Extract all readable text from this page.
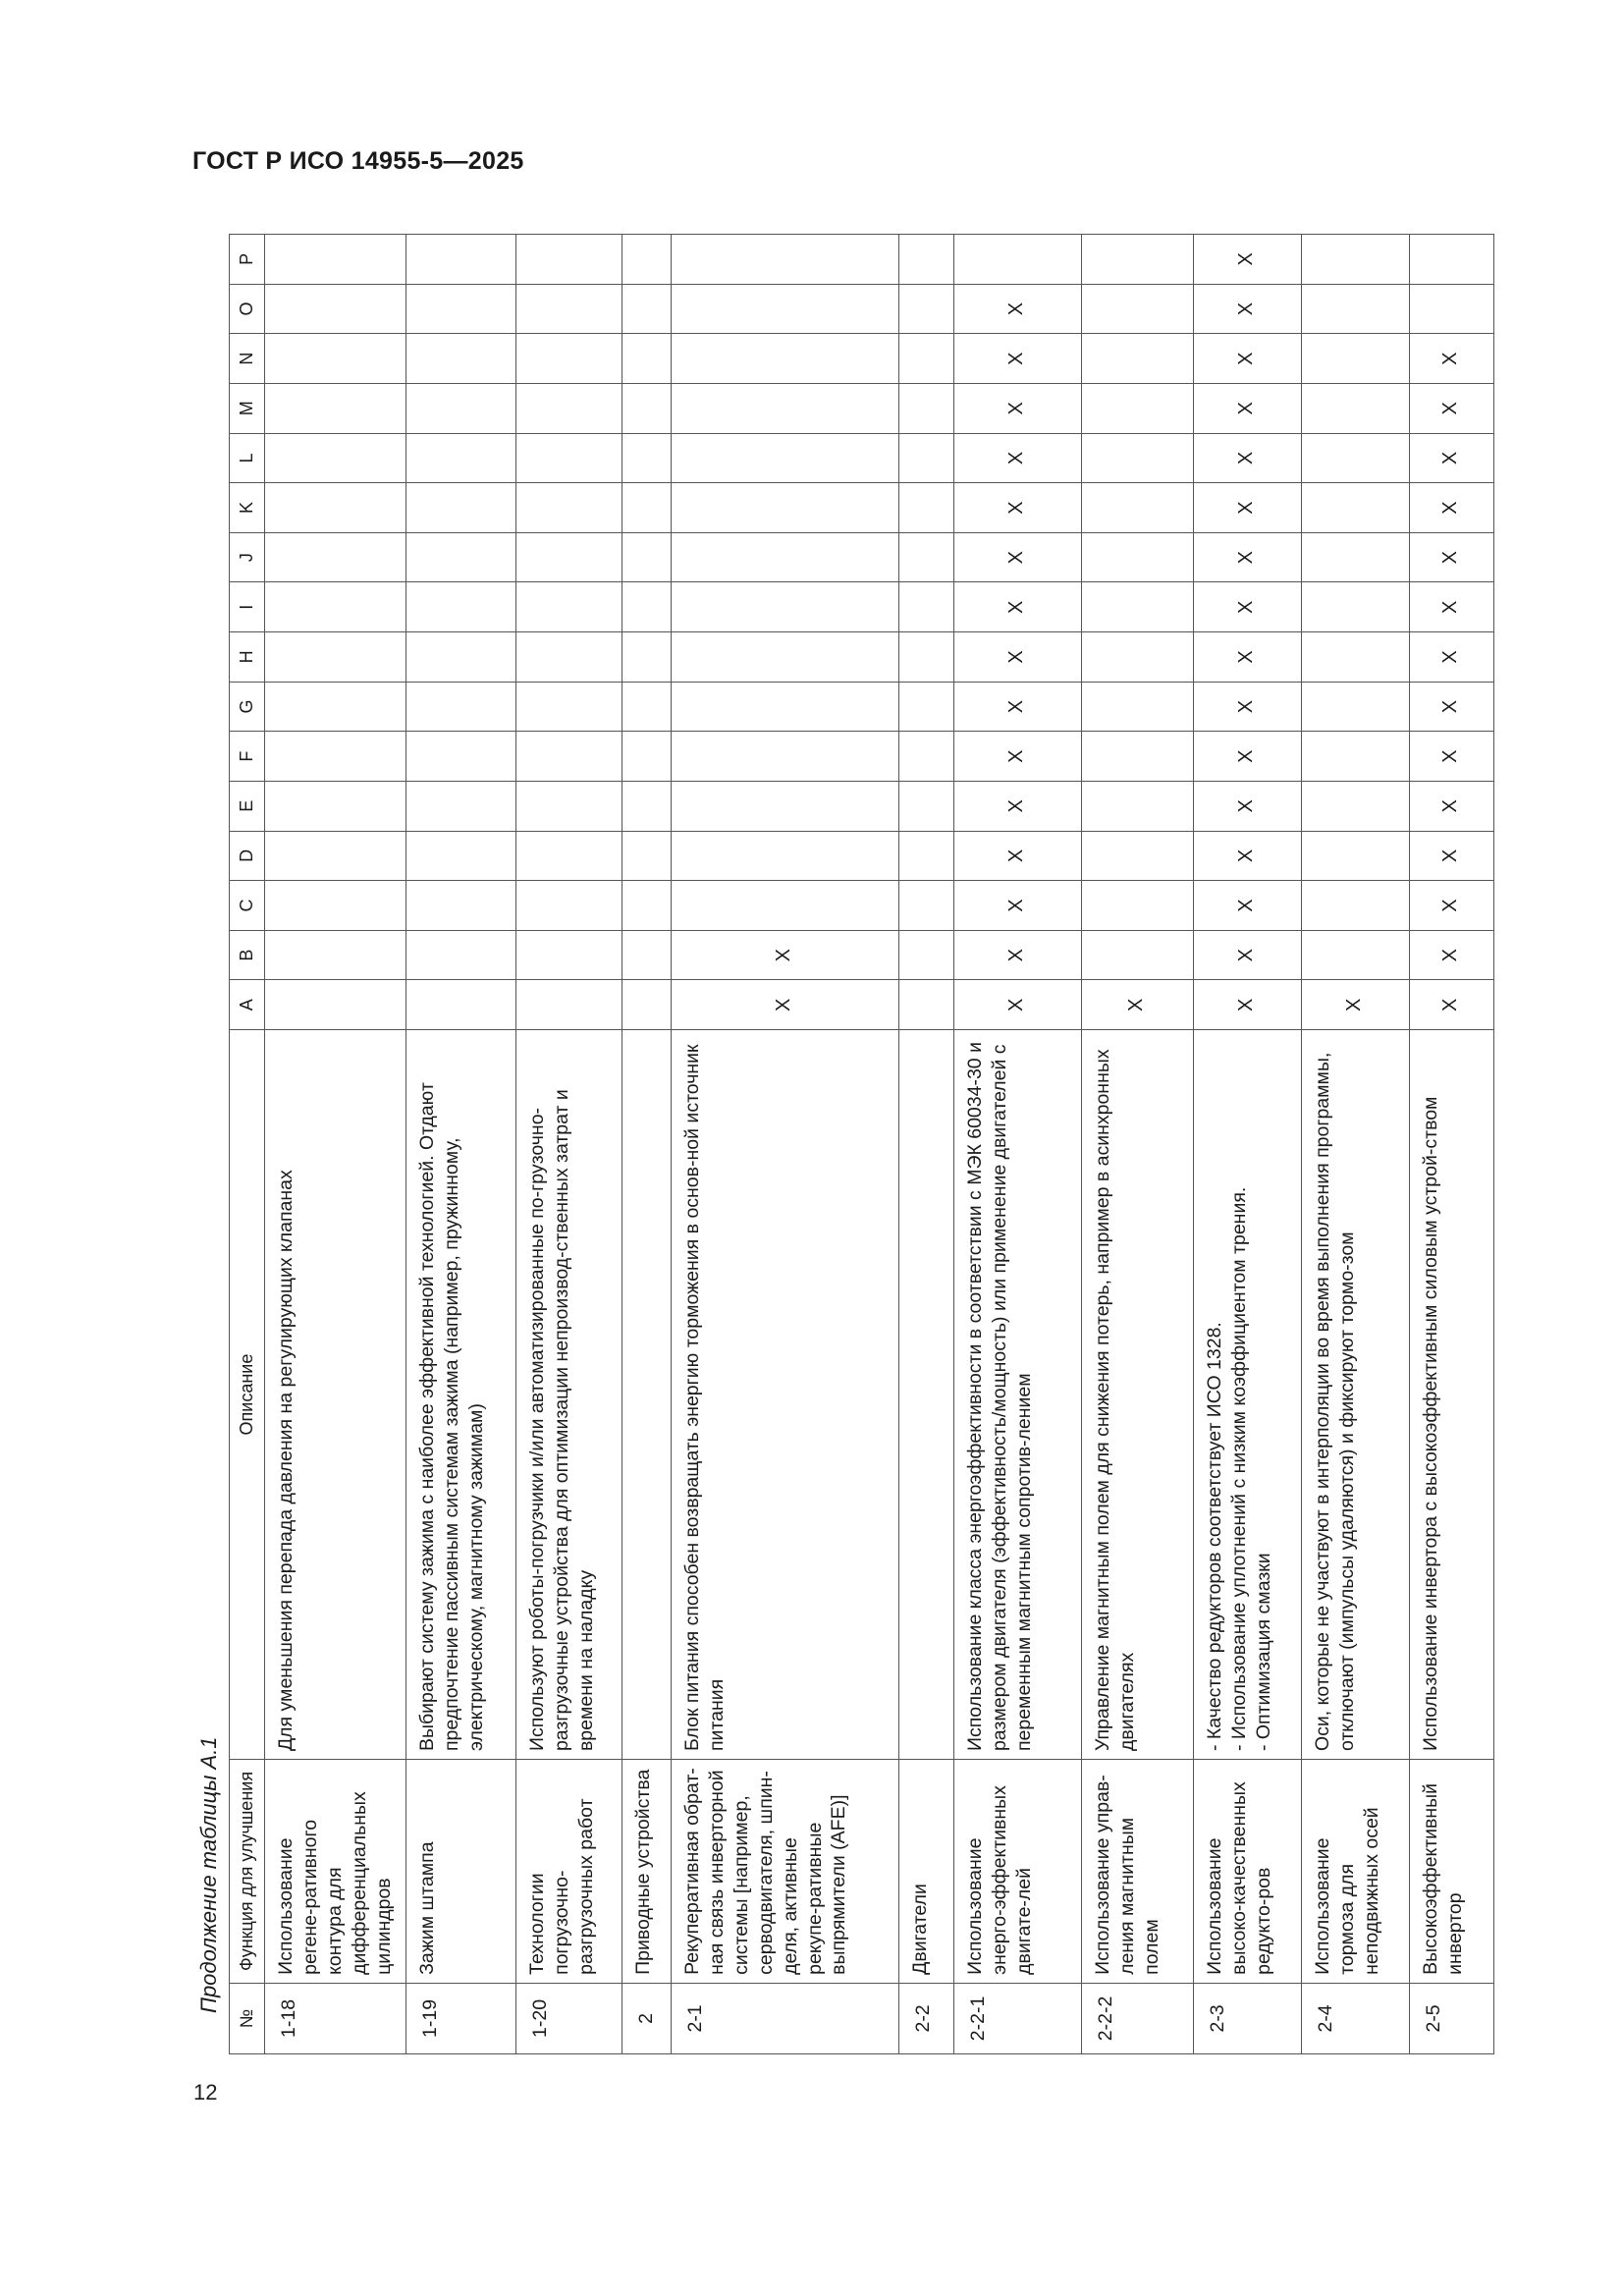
ГОСТ Р ИСО 14955-5—2025
12
Продолжение таблицы А.1
№	Функция для улучшения	Описание	A	B	C	D	E	F	G	H	I	J	K	L	M	N	O	P
1-18	Использование регене-ративного контура для дифференциальных цилиндров	Для уменьшения перепада давления на регулирующих клапанах																
1-19	Зажим штампа	Выбирают систему зажима с наиболее эффективной технологией. Отдают предпочтение пассивным системам зажима (например, пружинному, электрическому, магнитному зажимам)																
1-20	Технологии погрузочно-разгрузочных работ	Используют роботы-погрузчики и/или автоматизированные по-грузочно-разгрузочные устройства для оптимизации непроизвод-ственных затрат и времени на наладку																
2	Приводные устройства																	
2-1	Рекуперативная обрат-ная связь инверторной системы [например, серводвигателя, шпин-деля, активные рекупе-ративные выпрямители (AFE)]	Блок питания способен возвращать энергию торможения в основ-ной источник питания	X	X														
2-2	Двигатели																	
2-2-1	Использование энерго-эффективных двигате-лей	Использование класса энергоэффективности в соответствии с МЭК 60034-30 и размером двигателя (эффективность/мощность) или применение двигателей с переменным магнитным сопротив-лением	X	X	X	X	X	X	X	X	X	X	X	X	X	X	X	
2-2-2	Использование управ-ления магнитным полем	Управление магнитным полем для снижения потерь, например в асинхронных двигателях	X															
2-3	Использование высоко-качественных редукто-ров	- Качество редукторов соответствует ИСО 1328.
- Использование уплотнений с низким коэффициентом трения.
- Оптимизация смазки	X	X	X	X	X	X	X	X	X	X	X	X	X	X	X	X
2-4	Использование тормоза для неподвижных осей	Оси, которые не участвуют в интерполяции во время выполнения программы, отключают (импульсы удаляются) и фиксируют тормо-зом	X															
2-5	Высокоэффективный инвертор	Использование инвертора с высокоэффективным силовым устрой-ством	X	X	X	X	X	X	X	X	X	X	X	X	X	X		
